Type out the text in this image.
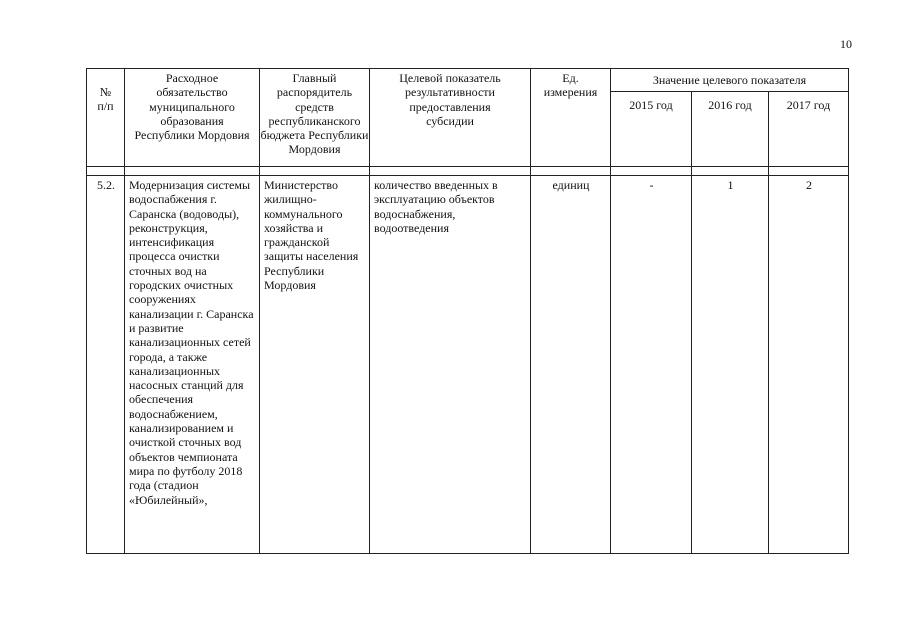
10
№
п/п	Расходное обязательство муниципального образования Республики Мордовия	Главный распорядитель средств республиканского бюджета Республики Мордовия	Целевой показатель результативности предоставления субсидии	Ед. измерения	Значение целевого показателя		
					2015 год	2016 год	2017 год

5.2.	Модернизация системы водоспабжения г. Саранска (водоводы), реконструкция, интенсификация процесса очистки сточных вод на городских очистных сооружениях канализации г. Саранска и развитие канализационных сетей города, а также канализационных насосных станций для обеспечения водоснабжением, канализированием и очисткой сточных вод объектов чемпионата мира по футболу 2018 года (стадион «Юбилейный»,	Министерство жилищно-коммунального хозяйства и гражданской защиты населения Республики Мордовия	количество введенных в эксплуатацию объектов водоснабжения, водоотведения	единиц	-	1	2
